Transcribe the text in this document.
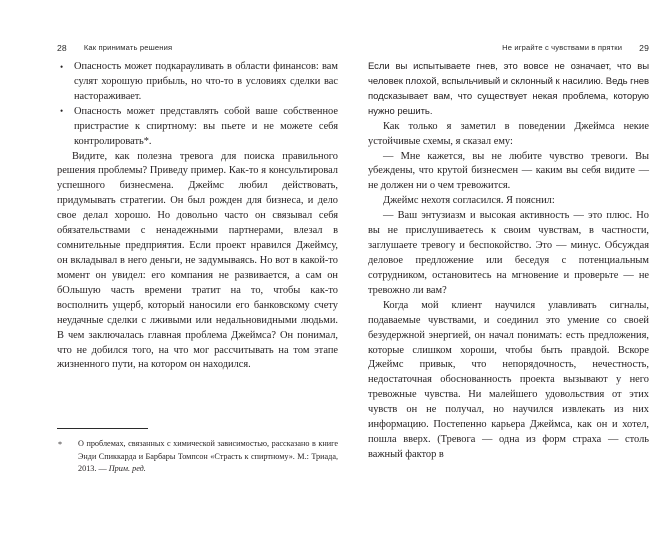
28 Как принимать решения
• Опасность может подкарауливать в области финансов: вам сулят хорошую прибыль, но что-то в условиях сделки вас настораживает.
• Опасность может представлять собой ваше собственное пристрастие к спиртному: вы пьете и не можете себя контролировать*.

Видите, как полезна тревога для поиска правильного решения проблемы? Приведу пример. Как-то я консультировал успешного бизнесмена. Джеймс любил действовать, придумывать стратегии. Он был рожден для бизнеса, и дело свое делал хорошо. Но довольно часто он связывал себя обязательствами с ненадежными партнерами, влезал в сомнительные предприятия. Если проект нравился Джеймсу, он вкладывал в него деньги, не задумываясь. Но вот в какой-то момент он увидел: его компания не развивается, а сам он бОльшую часть времени тратит на то, чтобы как-то восполнить ущерб, который наносили его банковскому счету неудачные сделки с лживыми или недальновидными людьми. В чем заключалась главная проблема Джеймса? Он понимал, что не добился того, на что мог рассчитывать на том этапе жизненного пути, на котором он находился.

* О проблемах, связанных с химической зависимостью, рассказано в книге Энди Спиккарда и Барбары Томпсон «Страсть к спиртному». М.: Триада, 2013. — Прим. ред.
Не играйте с чувствами в прятки 29

Если вы испытываете гнев, это вовсе не означает, что вы человек плохой, вспыльчивый и склонный к насилию. Ведь гнев подсказывает вам, что существует некая проблема, которую нужно решить.

Как только я заметил в поведении Джеймса некие устойчивые схемы, я сказал ему:

— Мне кажется, вы не любите чувство тревоги. Вы убеждены, что крутой бизнесмен — каким вы себя видите — не должен ни о чем тревожится.

Джеймс нехотя согласился. Я пояснил:

— Ваш энтузиазм и высокая активность — это плюс. Но вы не прислушиваетесь к своим чувствам, в частности, заглушаете тревогу и беспокойство. Это — минус. Обсуждая деловое предложение или беседуя с потенциальным сотрудником, остановитесь на мгновение и проверьте — не тревожно ли вам?

Когда мой клиент научился улавливать сигналы, подаваемые чувствами, и соединил это умение со своей безудержной энергией, он начал понимать: есть предложения, которые слишком хороши, чтобы быть правдой. Вскоре Джеймс привык, что непорядочность, нечестность, недостаточная обоснованность проекта вызывают у него тревожные чувства. Ни малейшего удовольствия от этих чувств он не получал, но научился извлекать из них информацию. Постепенно карьера Джеймса, как он и хотел, пошла вверх. (Тревога — одна из форм страха — столь важный фактор в
